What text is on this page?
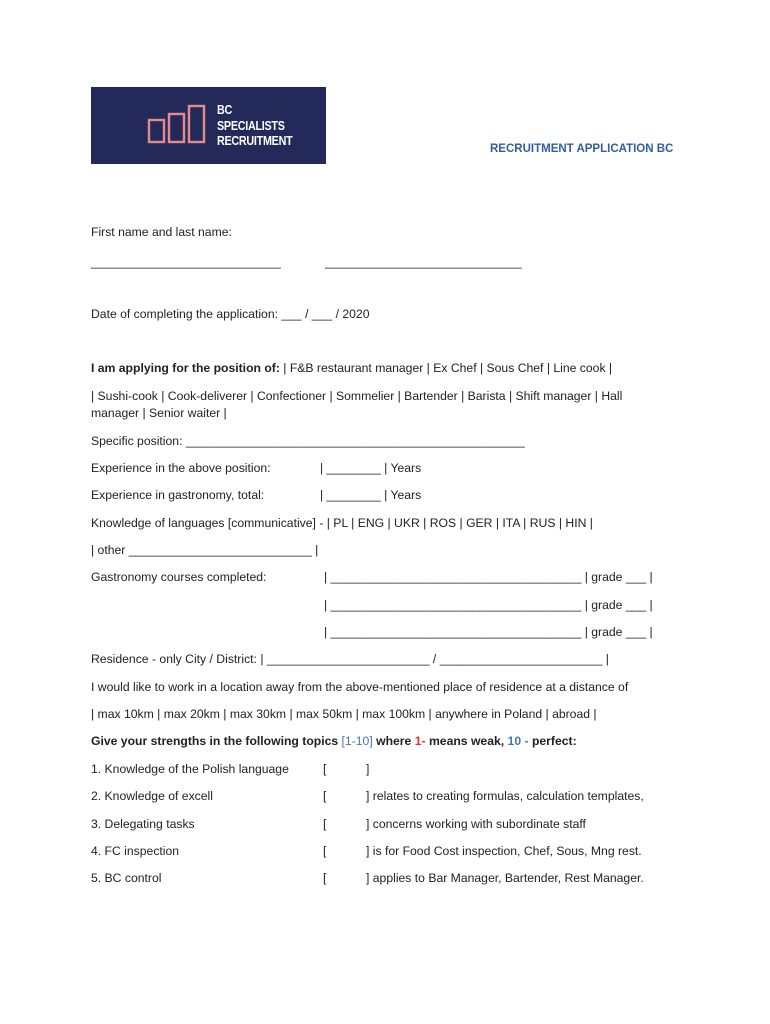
BC
SPECIALISTS
RECRUITMENT
RECRUITMENT APPLICATION BC
First name and last name:
____________________________	_____________________________
Date of completing the application: ___ / ___ / 2020
I am applying for the position of: | F&B restaurant manager | Ex Chef | Sous Chef | Line cook |
| Sushi-cook | Cook-deliverer | Confectioner | Sommelier | Bartender | Barista | Shift manager | Hall
manager | Senior waiter |
Specific position: __________________________________________________
Experience in the above position:	| ________ | Years
Experience in gastronomy, total:	| ________ | Years
Knowledge of languages [communicative] - | PL | ENG | UKR | ROS | GER | ITA | RUS | HIN |
| other ___________________________ |
Gastronomy courses completed:	| _____________________________________ | grade ___ |
| _____________________________________ | grade ___ |
| _____________________________________ | grade ___ |
Residence - only City / District: | ________________________ / ________________________ |
I would like to work in a location away from the above-mentioned place of residence at a distance of
| max 10km | max 20km | max 30km | max 50km | max 100km | anywhere in Poland | abroad |
Give your strengths in the following topics [1-10] where 1- means weak, 10 - perfect:
1. Knowledge of the Polish language	[	]
2. Knowledge of excell	[	] relates to creating formulas, calculation templates,
3. Delegating tasks	[	] concerns working with subordinate staff
4. FC inspection	[	] is for Food Cost inspection, Chef, Sous, Mng rest.
5. BC control	[	] applies to Bar Manager, Bartender, Rest Manager.
